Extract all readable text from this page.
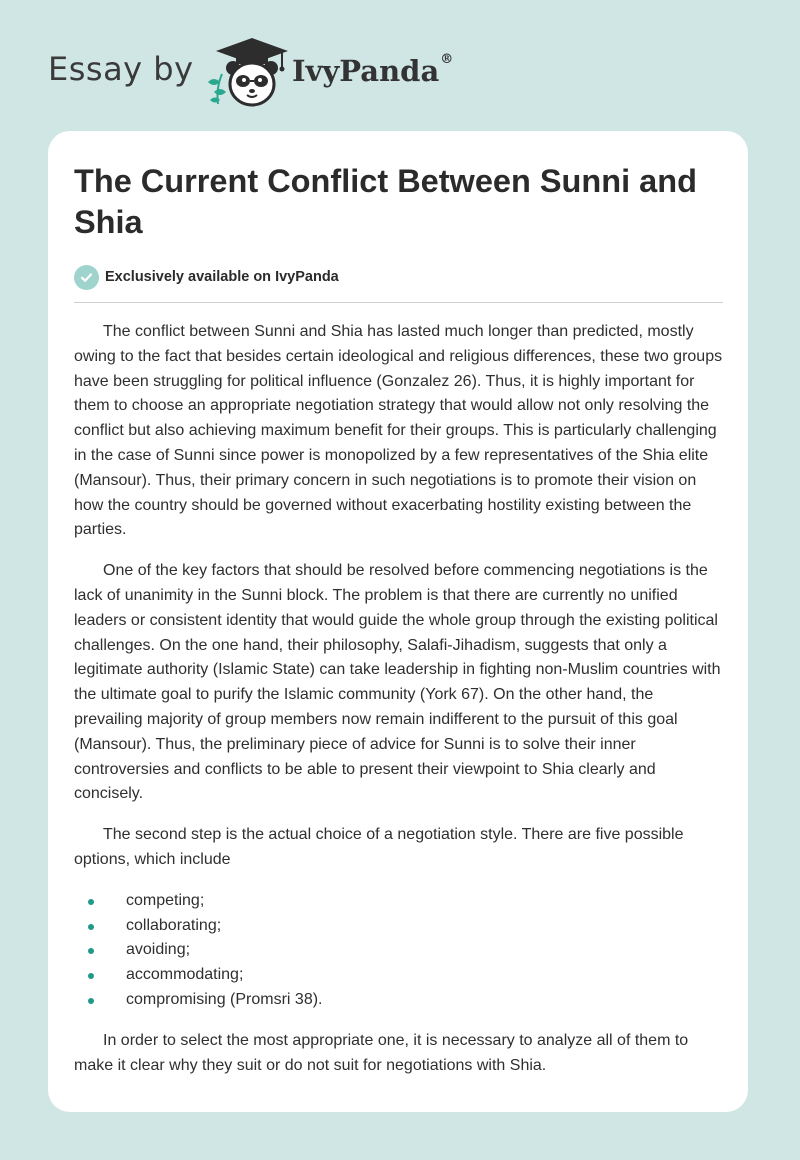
Essay by	IvyPanda®
The Current Conflict Between Sunni and Shia
Exclusively available on IvyPanda

The conflict between Sunni and Shia has lasted much longer than predicted, mostly owing to the fact that besides certain ideological and religious differences, these two groups have been struggling for political influence (Gonzalez 26). Thus, it is highly important for them to choose an appropriate negotiation strategy that would allow not only resolving the conflict but also achieving maximum benefit for their groups. This is particularly challenging in the case of Sunni since power is monopolized by a few representatives of the Shia elite (Mansour). Thus, their primary concern in such negotiations is to promote their vision on how the country should be governed without exacerbating hostility existing between the parties.

One of the key factors that should be resolved before commencing negotiations is the lack of unanimity in the Sunni block. The problem is that there are currently no unified leaders or consistent identity that would guide the whole group through the existing political challenges. On the one hand, their philosophy, Salafi-Jihadism, suggests that only a legitimate authority (Islamic State) can take leadership in fighting non-Muslim countries with the ultimate goal to purify the Islamic community (York 67). On the other hand, the prevailing majority of group members now remain indifferent to the pursuit of this goal (Mansour). Thus, the preliminary piece of advice for Sunni is to solve their inner controversies and conflicts to be able to present their viewpoint to Shia clearly and concisely.

The second step is the actual choice of a negotiation style. There are five possible options, which include

competing;
collaborating;
avoiding;
accommodating;
compromising (Promsri 38).

In order to select the most appropriate one, it is necessary to analyze all of them to make it clear why they suit or do not suit for negotiations with Shia.
